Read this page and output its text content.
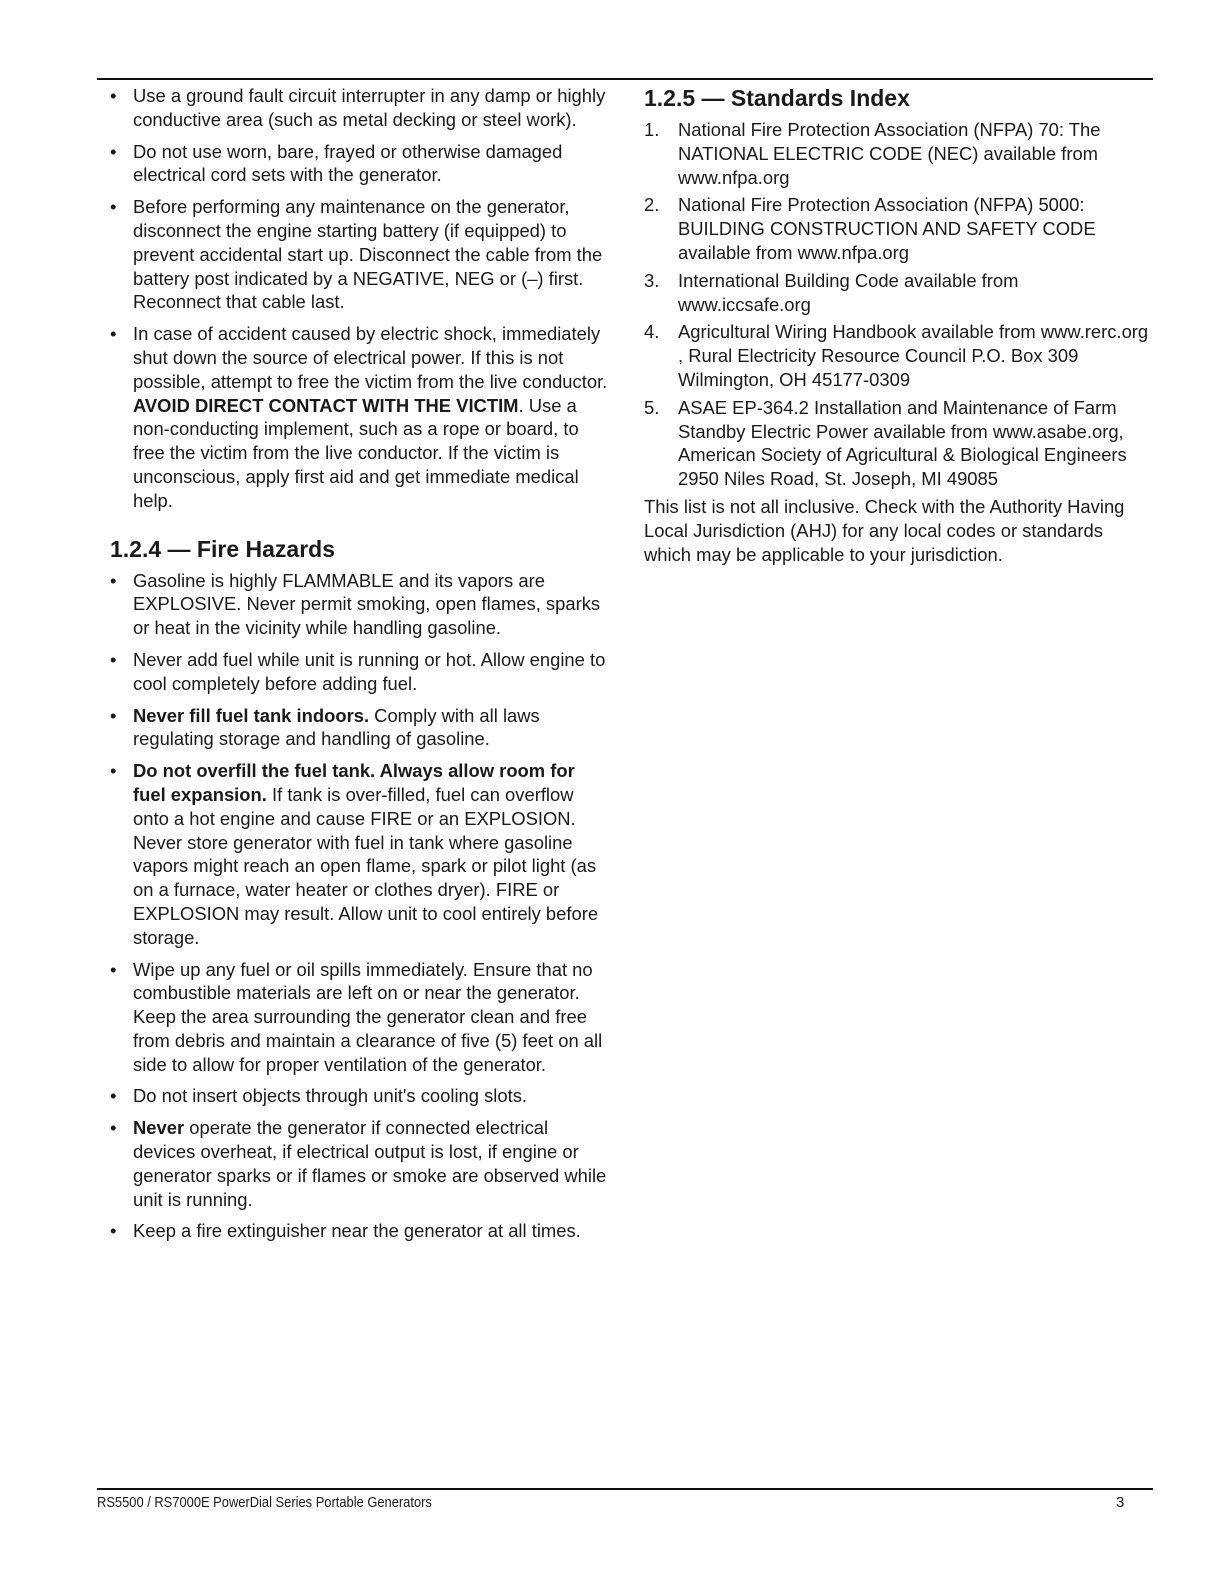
• Use a ground fault circuit interrupter in any damp or highly conductive area (such as metal decking or steel work).
• Do not use worn, bare, frayed or otherwise damaged electrical cord sets with the generator.
• Before performing any maintenance on the generator, disconnect the engine starting battery (if equipped) to prevent accidental start up. Disconnect the cable from the battery post indicated by a NEGATIVE, NEG or (–) first. Reconnect that cable last.
• In case of accident caused by electric shock, immediately shut down the source of electrical power. If this is not possible, attempt to free the victim from the live conductor. AVOID DIRECT CONTACT WITH THE VICTIM. Use a non-conducting implement, such as a rope or board, to free the victim from the live conductor. If the victim is unconscious, apply first aid and get immediate medical help.
1.2.4 — Fire Hazards
• Gasoline is highly FLAMMABLE and its vapors are EXPLOSIVE. Never permit smoking, open flames, sparks or heat in the vicinity while handling gasoline.
• Never add fuel while unit is running or hot. Allow engine to cool completely before adding fuel.
• Never fill fuel tank indoors. Comply with all laws regulating storage and handling of gasoline.
• Do not overfill the fuel tank. Always allow room for fuel expansion. If tank is over-filled, fuel can overflow onto a hot engine and cause FIRE or an EXPLOSION. Never store generator with fuel in tank where gasoline vapors might reach an open flame, spark or pilot light (as on a furnace, water heater or clothes dryer). FIRE or EXPLOSION may result. Allow unit to cool entirely before storage.
• Wipe up any fuel or oil spills immediately. Ensure that no combustible materials are left on or near the generator. Keep the area surrounding the generator clean and free from debris and maintain a clearance of five (5) feet on all side to allow for proper ventilation of the generator.
• Do not insert objects through unit's cooling slots.
• Never operate the generator if connected electrical devices overheat, if electrical output is lost, if engine or generator sparks or if flames or smoke are observed while unit is running.
• Keep a fire extinguisher near the generator at all times.
1.2.5 — Standards Index
1. National Fire Protection Association (NFPA) 70: The NATIONAL ELECTRIC CODE (NEC) available from www.nfpa.org
2. National Fire Protection Association (NFPA) 5000: BUILDING CONSTRUCTION AND SAFETY CODE available from www.nfpa.org
3. International Building Code available from www.iccsafe.org
4. Agricultural Wiring Handbook available from www.rerc.org , Rural Electricity Resource Council P.O. Box 309 Wilmington, OH 45177-0309
5. ASAE EP-364.2 Installation and Maintenance of Farm Standby Electric Power available from www.asabe.org, American Society of Agricultural & Biological Engineers 2950 Niles Road, St. Joseph, MI 49085

This list is not all inclusive. Check with the Authority Having Local Jurisdiction (AHJ) for any local codes or standards which may be applicable to your jurisdiction.

RS5500 / RS7000E PowerDial Series Portable Generators	3
